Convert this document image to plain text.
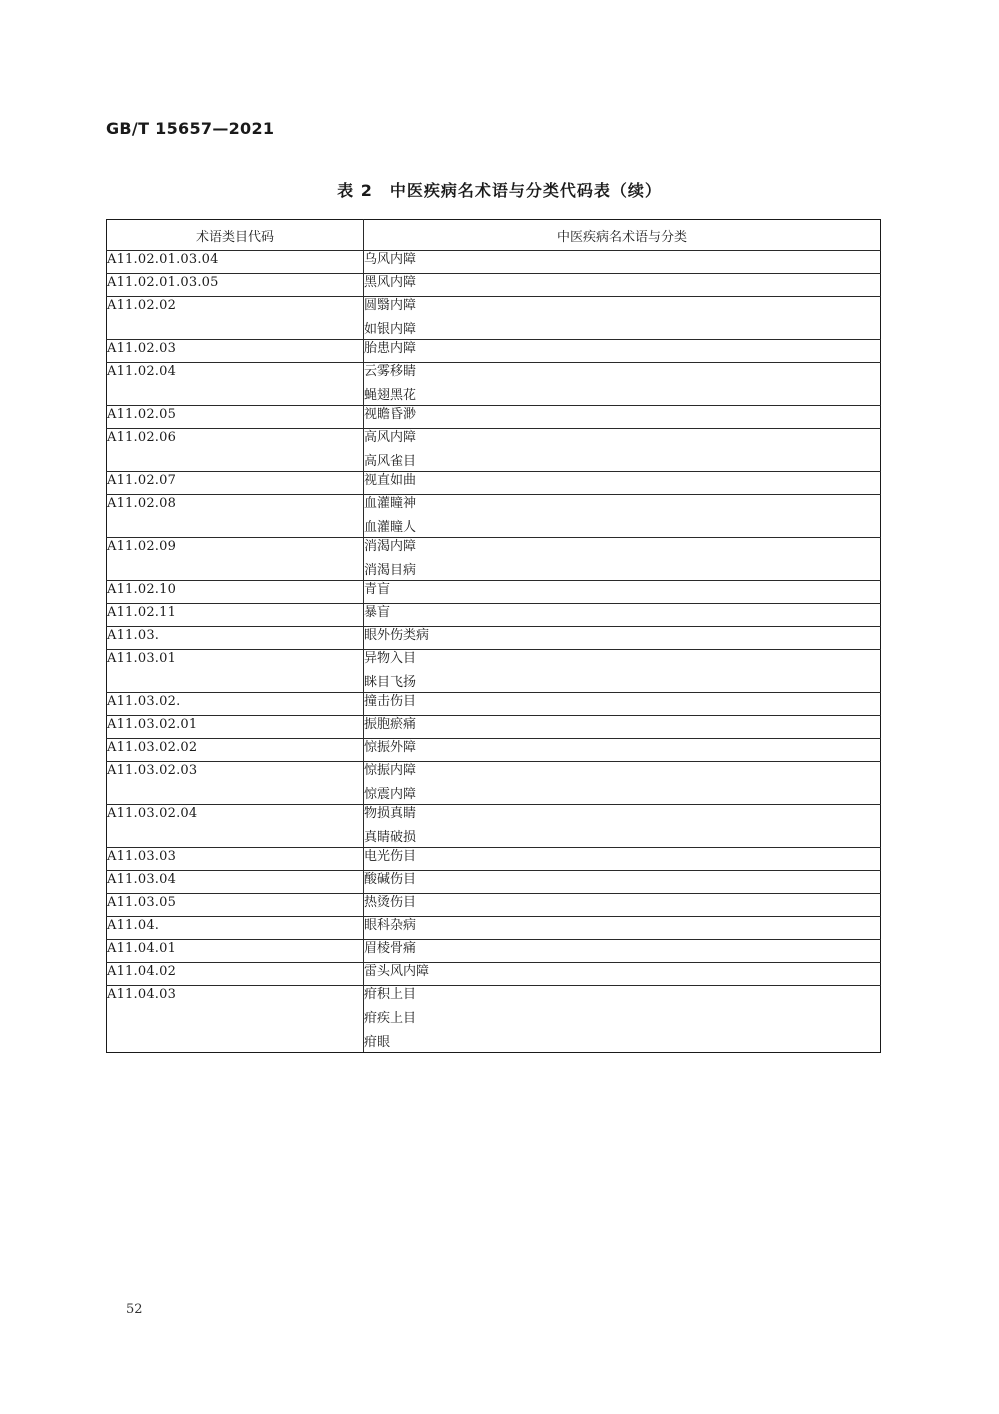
GB/T 15657—2021
表 2　中医疾病名术语与分类代码表（续）
术语类目代码	中医疾病名术语与分类
A11.02.01.03.04	乌风内障

A11.02.01.03.05	黑风内障

A11.02.02	圆翳内障
如银内障

A11.02.03	胎患内障

A11.02.04	云雾移睛
蝇翅黑花

A11.02.05	视瞻昏渺

A11.02.06	高风内障
高风雀目

A11.02.07	视直如曲

A11.02.08	血灌瞳神
血灌瞳人

A11.02.09	消渴内障
消渴目病

A11.02.10	青盲

A11.02.11	暴盲

A11.03.	眼外伤类病

A11.03.01	异物入目
眯目飞扬

A11.03.02.	撞击伤目

A11.03.02.01	振胞瘀痛

A11.03.02.02	惊振外障

A11.03.02.03	惊振内障
惊震内障

A11.03.02.04	物损真睛
真睛破损

A11.03.03	电光伤目

A11.03.04	酸碱伤目

A11.03.05	热烫伤目

A11.04.	眼科杂病

A11.04.01	眉棱骨痛

A11.04.02	雷头风内障

A11.04.03	疳积上目
疳疾上目
疳眼
52
